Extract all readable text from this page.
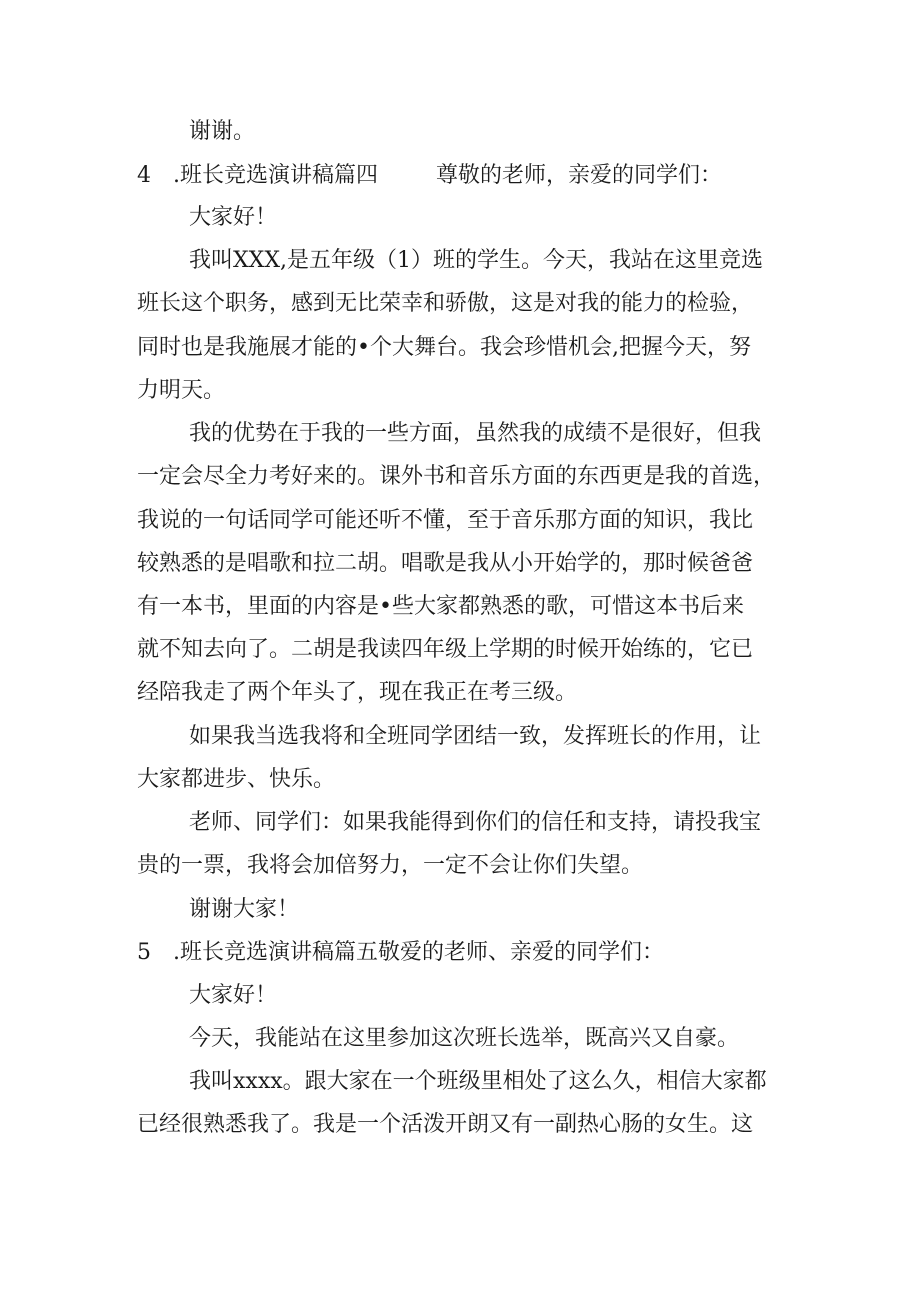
谢谢。
4 .班长竞选演讲稿篇四	尊敬的老师，亲爱的同学们：
大家好！
我叫XXX,是五年级（1）班的学生。今天，我站在这里竞选
班长这个职务，感到无比荣幸和骄傲，这是对我的能力的检验，
同时也是我施展才能的•个大舞台。我会珍惜机会,把握今天，努
力明天。
我的优势在于我的一些方面，虽然我的成绩不是很好，但我
一定会尽全力考好来的。课外书和音乐方面的东西更是我的首选，
我说的一句话同学可能还听不懂，至于音乐那方面的知识，我比
较熟悉的是唱歌和拉二胡。唱歌是我从小开始学的，那时候爸爸
有一本书，里面的内容是•些大家都熟悉的歌，可惜这本书后来
就不知去向了。二胡是我读四年级上学期的时候开始练的，它已
经陪我走了两个年头了，现在我正在考三级。
如果我当选我将和全班同学团结一致，发挥班长的作用，让
大家都进步、快乐。
老师、同学们：如果我能得到你们的信任和支持，请投我宝
贵的一票，我将会加倍努力，一定不会让你们失望。
谢谢大家！
5 .班长竞选演讲稿篇五敬爱的老师、亲爱的同学们：
大家好！
今天，我能站在这里参加这次班长选举，既高兴又自豪。
我叫xxxx。跟大家在一个班级里相处了这么久，相信大家都
已经很熟悉我了。我是一个活泼开朗又有一副热心肠的女生。这
